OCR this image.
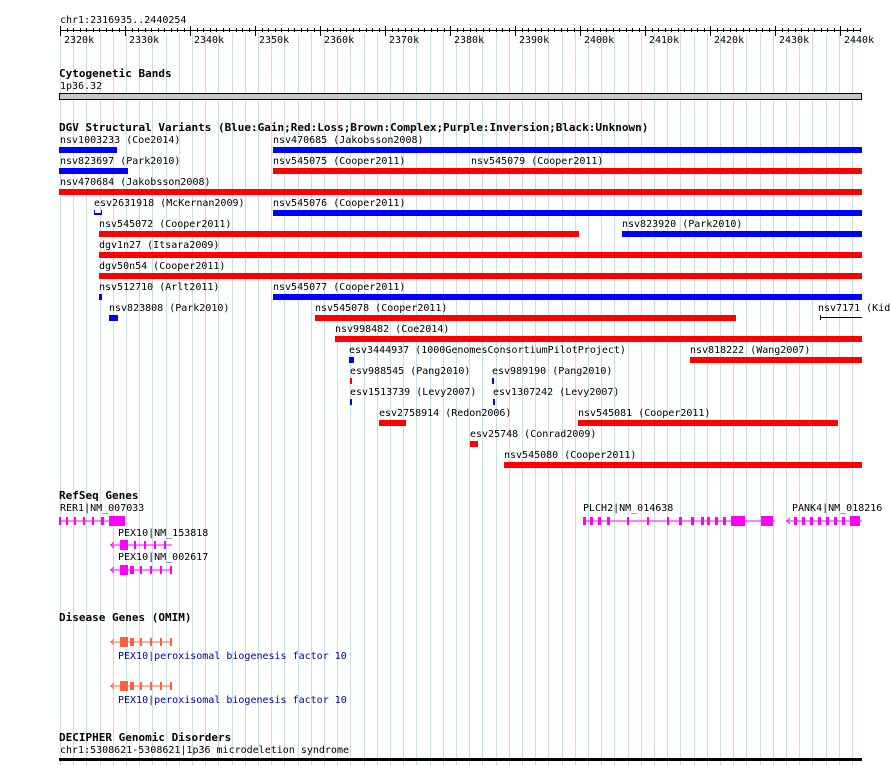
chr1:2316935..2440254
2320k	2330k	2340k	2350k	2360k	2370k	2380k	2390k	2400k	2410k	2420k	2430k	2440k
Cytogenetic Bands
1p36.32
DGV Structural Variants (Blue:Gain;Red:Loss;Brown:Complex;Purple:Inversion;Black:Unknown)
nsv1003233 (Coe2014)	nsv470685 (Jakobsson2008)
nsv823697 (Park2010)	nsv545075 (Cooper2011)	nsv545079 (Cooper2011)
nsv470684 (Jakobsson2008)
esv2631918 (McKernan2009)	nsv545076 (Cooper2011)
nsv545072 (Cooper2011)	nsv823920 (Park2010)
dgv1n27 (Itsara2009)
dgv50n54 (Cooper2011)
nsv512710 (Arlt2011)	nsv545077 (Cooper2011)
nsv823808 (Park2010)	nsv545078 (Cooper2011)	nsv7171 (Kid
nsv998482 (Coe2014)
esv3444937 (1000GenomesConsortiumPilotProject)	nsv818222 (Wang2007)
esv988545 (Pang2010) esv989190 (Pang2010)
esv1513739 (Levy2007) esv1307242 (Levy2007)
esv2758914 (Redon2006)	nsv545081 (Cooper2011)
esv25748 (Conrad2009)
nsv545080 (Cooper2011)
RefSeq Genes
RER1|NM_007033
PEX10|NM_153818
PEX10|NM_002617
PLCH2|NM_014638	PANK4|NM_018216
Disease Genes (OMIM)
PEX10|peroxisomal biogenesis factor 10
PEX10|peroxisomal biogenesis factor 10
DECIPHER Genomic Disorders
chr1:5308621-5308621|1p36 microdeletion syndrome
